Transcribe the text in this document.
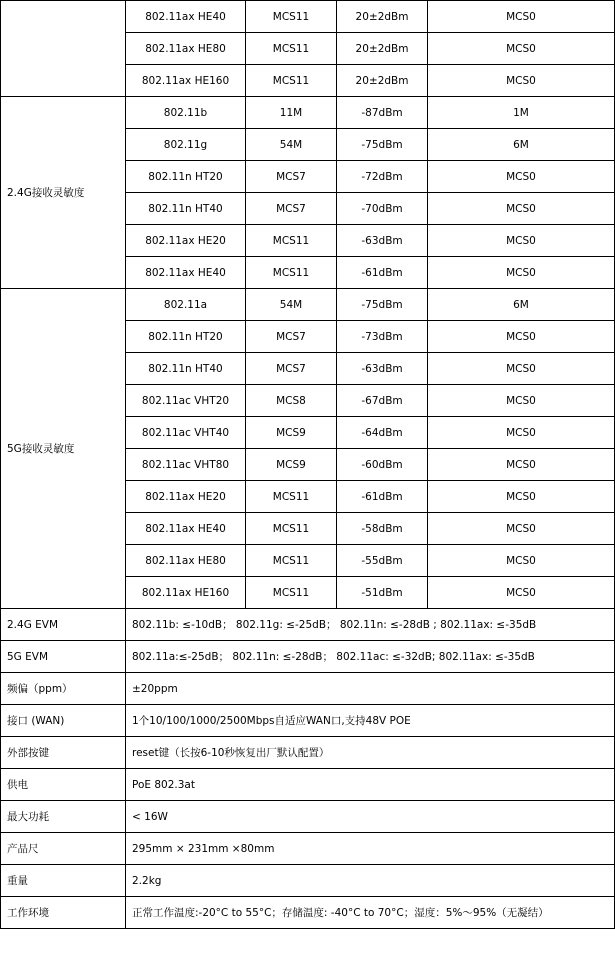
	802.11ax HE40	MCS11	20±2dBm	MCS0	
	802.11ax HE80	MCS11	20±2dBm	MCS0	
	802.11ax HE160	MCS11	20±2dBm	MCS0	
2.4G接收灵敏度	802.11b	11M	-87dBm	1M	
	802.11g	54M	-75dBm	6M	
	802.11n HT20	MCS7	-72dBm	MCS0	
	802.11n HT40	MCS7	-70dBm	MCS0	
	802.11ax HE20	MCS11	-63dBm	MCS0	
	802.11ax HE40	MCS11	-61dBm	MCS0	
5G接收灵敏度	802.11a	54M	-75dBm	6M	
	802.11n HT20	MCS7	-73dBm	MCS0	
	802.11n HT40	MCS7	-63dBm	MCS0	
	802.11ac VHT20	MCS8	-67dBm	MCS0	
	802.11ac VHT40	MCS9	-64dBm	MCS0	
	802.11ac VHT80	MCS9	-60dBm	MCS0	
	802.11ax HE20	MCS11	-61dBm	MCS0	
	802.11ax HE40	MCS11	-58dBm	MCS0	
	802.11ax HE80	MCS11	-55dBm	MCS0	
	802.11ax HE160	MCS11	-51dBm	MCS0	
2.4G EVM	802.11b: ≤-10dB； 802.11g: ≤-25dB； 802.11n: ≤-28dB ; 802.11ax: ≤-35dB				
5G EVM	802.11a:≤-25dB； 802.11n: ≤-28dB； 802.11ac: ≤-32dB; 802.11ax: ≤-35dB				
频偏（ppm）	±20ppm				
接口 (WAN)	1个10/100/1000/2500Mbps自适应WAN口,支持48V POE				
外部按键	reset键（长按6-10秒恢复出厂默认配置）				
供电	PoE 802.3at				
最大功耗	< 16W				
产品尺	295mm × 231mm ×80mm				
重量	2.2kg				
工作环境	正常工作温度:-20°C to 55°C；存储温度: -40°C to 70°C；湿度：5%～95%（无凝结）				
